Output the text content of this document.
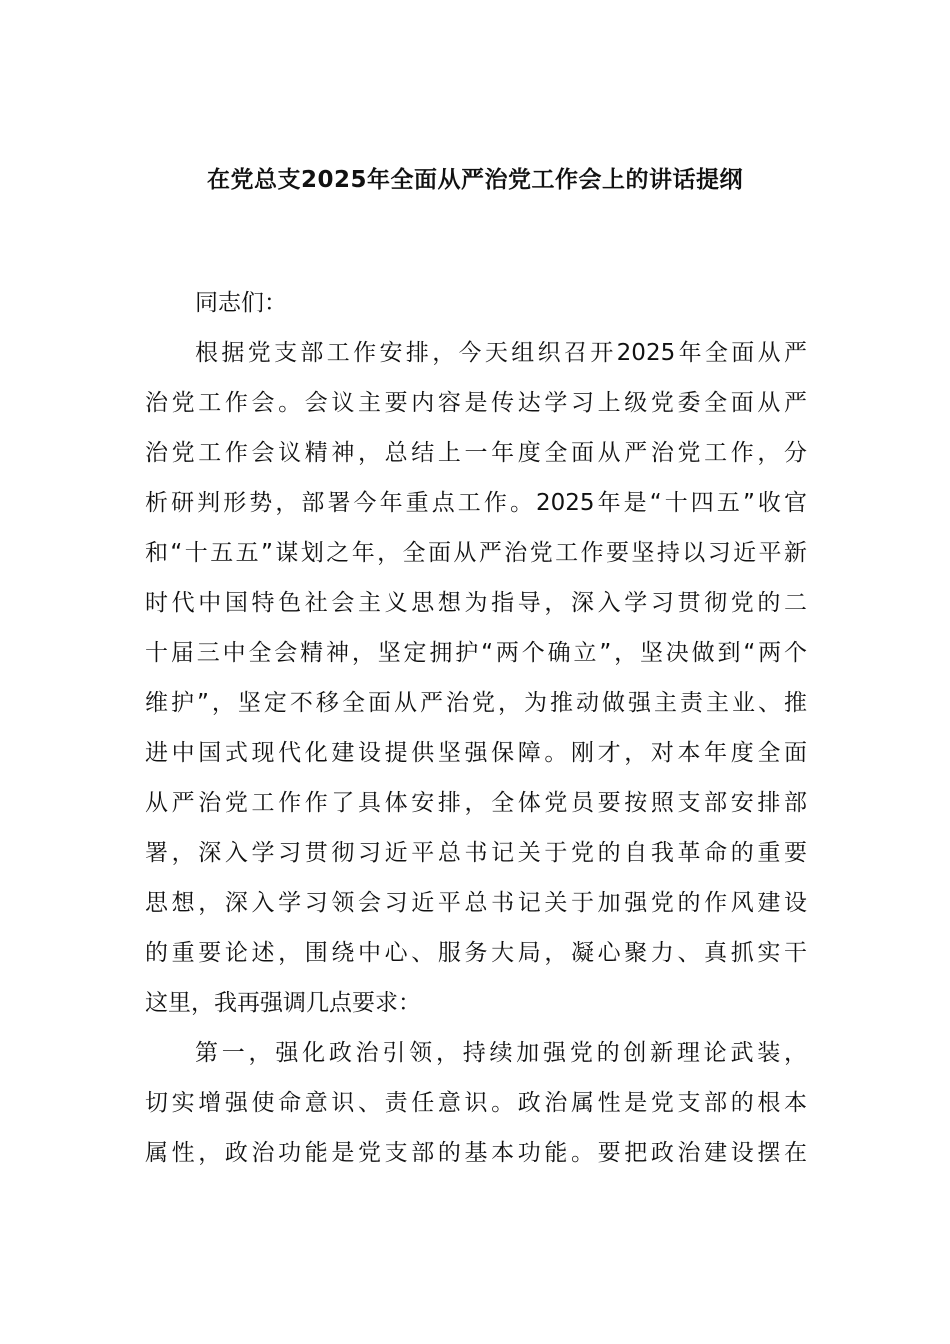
在党总支2025年全面从严治党工作会上的讲话提纲
同志们：
根据党支部工作安排，今天组织召开2025年全面从严
治党工作会。会议主要内容是传达学习上级党委全面从严
治党工作会议精神，总结上一年度全面从严治党工作，分
析研判形势，部署今年重点工作。2025年是“十四五”收官
和“十五五”谋划之年，全面从严治党工作要坚持以习近平新
时代中国特色社会主义思想为指导，深入学习贯彻党的二
十届三中全会精神，坚定拥护“两个确立”，坚决做到“两个
维护”，坚定不移全面从严治党，为推动做强主责主业、推
进中国式现代化建设提供坚强保障。刚才，对本年度全面
从严治党工作作了具体安排，全体党员要按照支部安排部
署，深入学习贯彻习近平总书记关于党的自我革命的重要
思想，深入学习领会习近平总书记关于加强党的作风建设
的重要论述，围绕中心、服务大局，凝心聚力、真抓实干
这里，我再强调几点要求：
第一，强化政治引领，持续加强党的创新理论武装，
切实增强使命意识、责任意识。政治属性是党支部的根本
属性，政治功能是党支部的基本功能。要把政治建设摆在
